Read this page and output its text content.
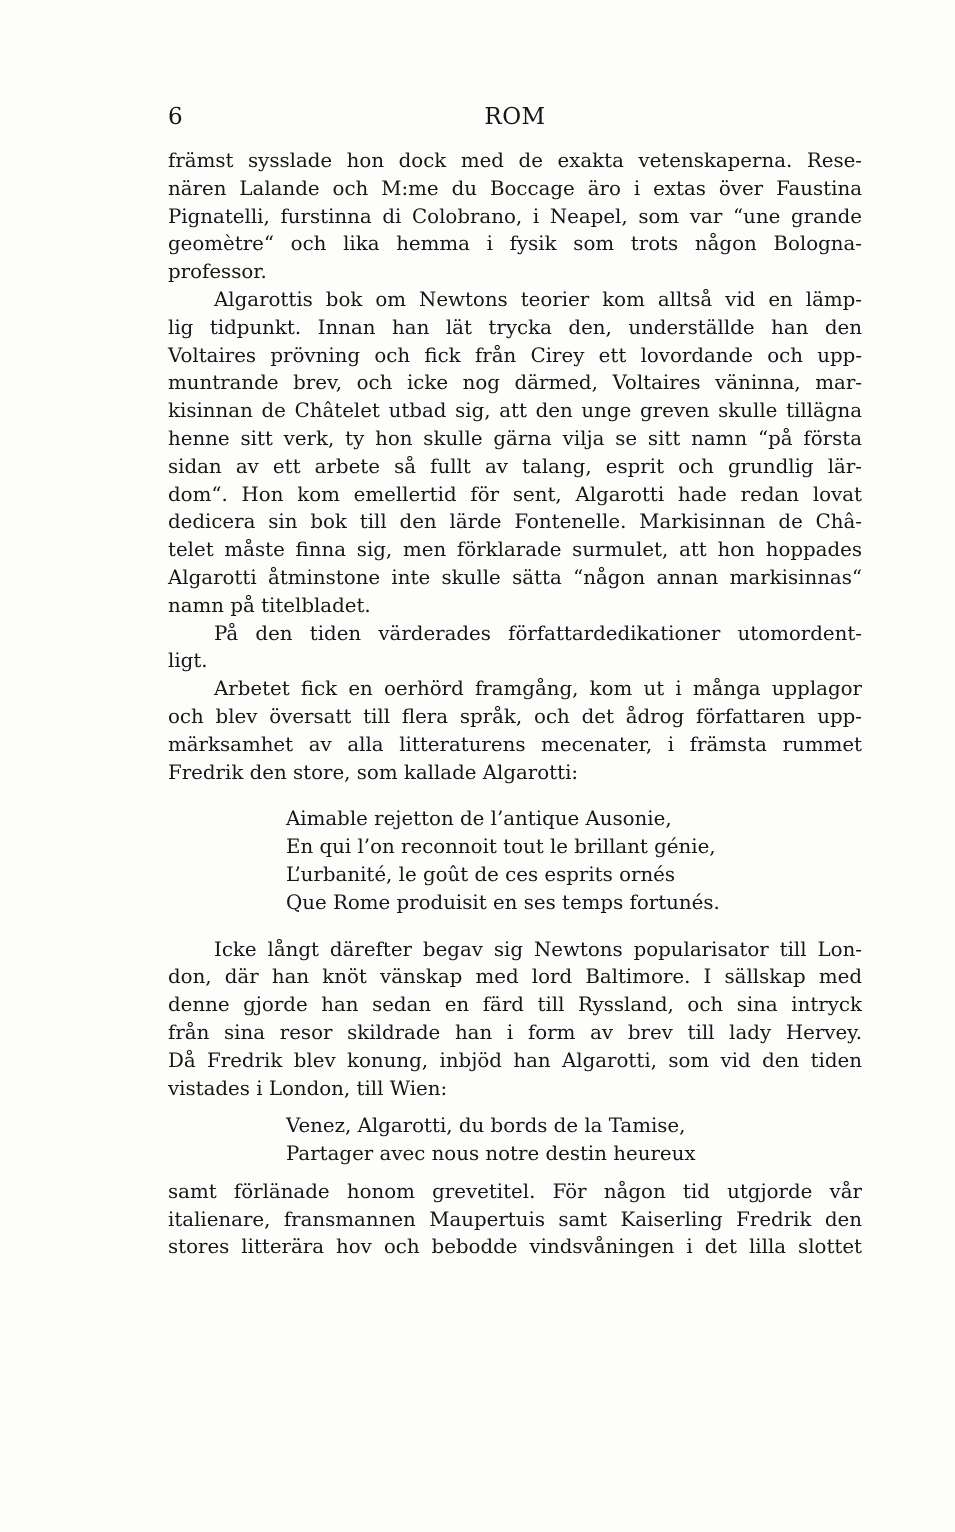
6	ROM
främst sysslade hon dock med de exakta vetenskaperna. Rese-
nären Lalande och M:me du Boccage äro i extas över Faustina
Pignatelli, furstinna di Colobrano, i Neapel, som var “une grande
geomètre“ och lika hemma i fysik som trots någon Bologna-
professor.
Algarottis bok om Newtons teorier kom alltså vid en lämp-
lig tidpunkt. Innan han lät trycka den, underställde han den
Voltaires prövning och fick från Cirey ett lovordande och upp-
muntrande brev, och icke nog därmed, Voltaires väninna, mar-
kisinnan de Châtelet utbad sig, att den unge greven skulle tillägna
henne sitt verk, ty hon skulle gärna vilja se sitt namn “på första
sidan av ett arbete så fullt av talang, esprit och grundlig lär-
dom“. Hon kom emellertid för sent, Algarotti hade redan lovat
dedicera sin bok till den lärde Fontenelle. Markisinnan de Châ-
telet måste finna sig, men förklarade surmulet, att hon hoppades
Algarotti åtminstone inte skulle sätta “någon annan markisinnas“
namn på titelbladet.
På den tiden värderades författardedikationer utomordent-
ligt.
Arbetet fick en oerhörd framgång, kom ut i många upplagor
och blev översatt till flera språk, och det ådrog författaren upp-
märksamhet av alla litteraturens mecenater, i främsta rummet
Fredrik den store, som kallade Algarotti:
Aimable rejetton de l’antique Ausonie,
En qui l’on reconnoit tout le brillant génie,
L’urbanité, le goût de ces esprits ornés
Que Rome produisit en ses temps fortunés.
Icke långt därefter begav sig Newtons popularisator till Lon-
don, där han knöt vänskap med lord Baltimore. I sällskap med
denne gjorde han sedan en färd till Ryssland, och sina intryck
från sina resor skildrade han i form av brev till lady Hervey.
Då Fredrik blev konung, inbjöd han Algarotti, som vid den tiden
vistades i London, till Wien:
Venez, Algarotti, du bords de la Tamise,
Partager avec nous notre destin heureux
samt förlänade honom grevetitel. För någon tid utgjorde vår
italienare, fransmannen Maupertuis samt Kaiserling Fredrik den
stores litterära hov och bebodde vindsvåningen i det lilla slottet
